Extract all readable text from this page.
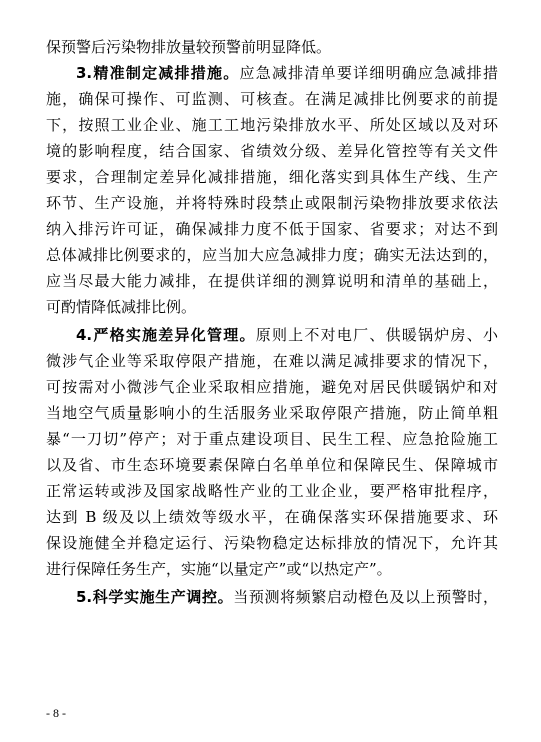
保预警后污染物排放量较预警前明显降低。
3.精准制定减排措施。应急减排清单要详细明确应急减排措
施，确保可操作、可监测、可核查。在满足减排比例要求的前提
下，按照工业企业、施工工地污染排放水平、所处区域以及对环
境的影响程度，结合国家、省绩效分级、差异化管控等有关文件
要求，合理制定差异化减排措施，细化落实到具体生产线、生产
环节、生产设施，并将特殊时段禁止或限制污染物排放要求依法
纳入排污许可证，确保减排力度不低于国家、省要求；对达不到
总体减排比例要求的，应当加大应急减排力度；确实无法达到的，
应当尽最大能力减排，在提供详细的测算说明和清单的基础上，
可酌情降低减排比例。
4.严格实施差异化管理。原则上不对电厂、供暖锅炉房、小
微涉气企业等采取停限产措施，在难以满足减排要求的情况下，
可按需对小微涉气企业采取相应措施，避免对居民供暖锅炉和对
当地空气质量影响小的生活服务业采取停限产措施，防止简单粗
暴“一刀切”停产；对于重点建设项目、民生工程、应急抢险施工
以及省、市生态环境要素保障白名单单位和保障民生、保障城市
正常运转或涉及国家战略性产业的工业企业，要严格审批程序，
达到 B 级及以上绩效等级水平，在确保落实环保措施要求、环
保设施健全并稳定运行、污染物稳定达标排放的情况下，允许其
进行保障任务生产，实施“以量定产”或“以热定产”。
5.科学实施生产调控。当预测将频繁启动橙色及以上预警时，
- 8 -
